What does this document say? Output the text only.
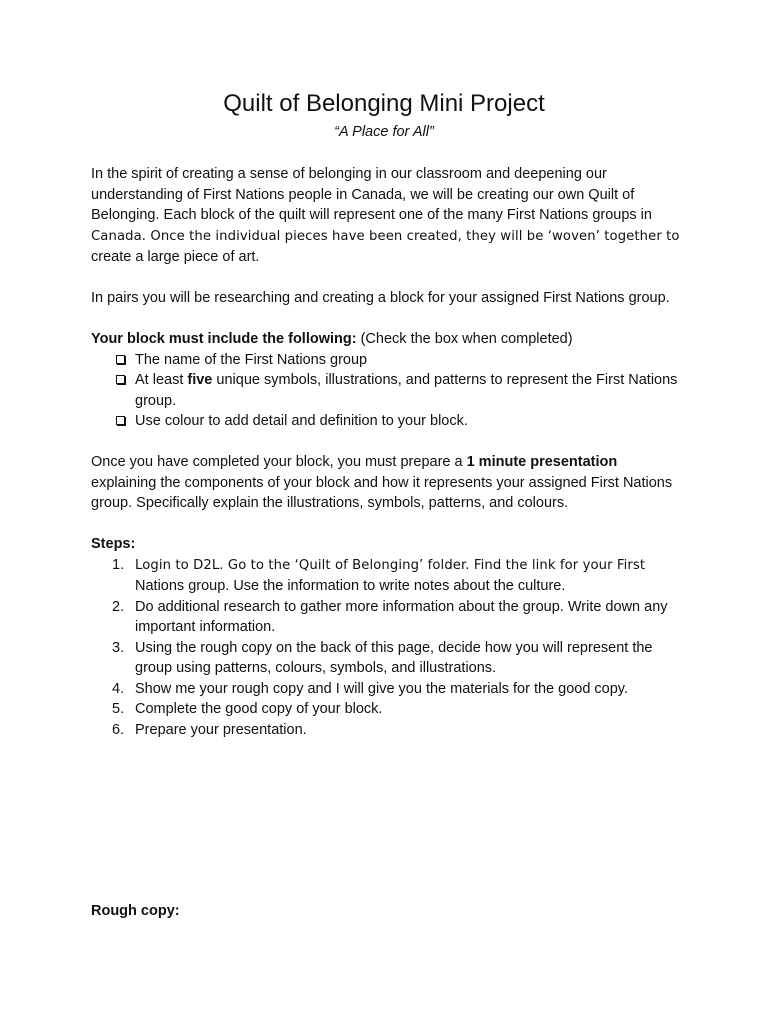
Quilt of Belonging Mini Project

“A Place for All”

In the spirit of creating a sense of belonging in our classroom and deepening our understanding of First Nations people in Canada, we will be creating our own Quilt of Belonging. Each block of the quilt will represent one of the many First Nations groups in Canada. Once the individual pieces have been created, they will be ‘woven’ together to create a large piece of art.

In pairs you will be researching and creating a block for your assigned First Nations group.

Your block must include the following: (Check the box when completed)

The name of the First Nations group
At least five unique symbols, illustrations, and patterns to represent the First Nations group.
Use colour to add detail and definition to your block.

Once you have completed your block, you must prepare a 1 minute presentation explaining the components of your block and how it represents your assigned First Nations group. Specifically explain the illustrations, symbols, patterns, and colours.

Steps:

1. Login to D2L. Go to the ‘Quilt of Belonging’ folder. Find the link for your First Nations group. Use the information to write notes about the culture.
2. Do additional research to gather more information about the group. Write down any important information.
3. Using the rough copy on the back of this page, decide how you will represent the group using patterns, colours, symbols, and illustrations.
4. Show me your rough copy and I will give you the materials for the good copy.
5. Complete the good copy of your block.
6. Prepare your presentation.

Rough copy:
